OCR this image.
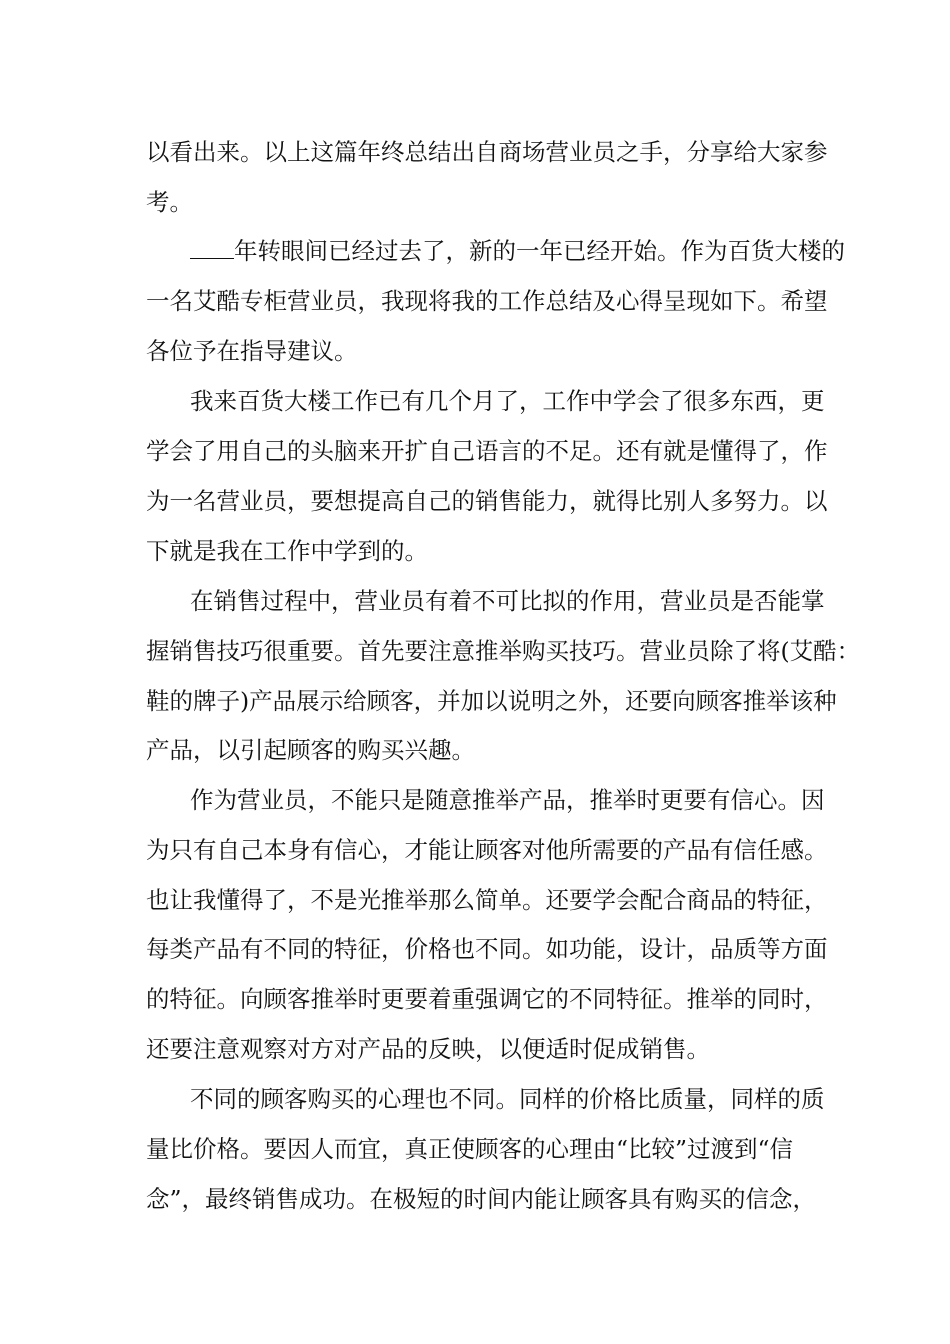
以看出来。以上这篇年终总结出自商场营业员之手，分享给大家参
考。
年转眼间已经过去了，新的一年已经开始。作为百货大楼的
一名艾酷专柜营业员，我现将我的工作总结及心得呈现如下。希望
各位予在指导建议。
我来百货大楼工作已有几个月了，工作中学会了很多东西，更
学会了用自己的头脑来开扩自己语言的不足。还有就是懂得了，作
为一名营业员，要想提高自己的销售能力，就得比别人多努力。以
下就是我在工作中学到的。
在销售过程中，营业员有着不可比拟的作用，营业员是否能掌
握销售技巧很重要。首先要注意推举购买技巧。营业员除了将(艾酷：
鞋的牌子)产品展示给顾客，并加以说明之外，还要向顾客推举该种
产品，以引起顾客的购买兴趣。
作为营业员，不能只是随意推举产品，推举时更要有信心。因
为只有自己本身有信心，才能让顾客对他所需要的产品有信任感。
也让我懂得了，不是光推举那么简单。还要学会配合商品的特征，
每类产品有不同的特征，价格也不同。如功能，设计，品质等方面
的特征。向顾客推举时更要着重强调它的不同特征。推举的同时，
还要注意观察对方对产品的反映，以便适时促成销售。
不同的顾客购买的心理也不同。同样的价格比质量，同样的质
量比价格。要因人而宜，真正使顾客的心理由“比较”过渡到“信
念”，最终销售成功。在极短的时间内能让顾客具有购买的信念，
